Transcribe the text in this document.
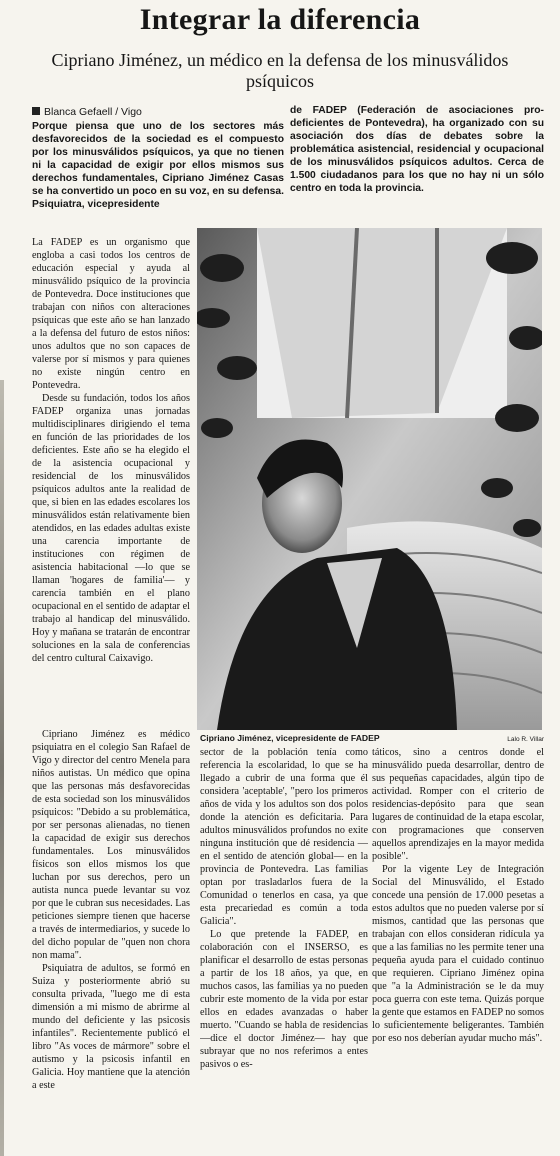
Integrar la diferencia
Cipriano Jiménez, un médico en la defensa de los minusválidos psíquicos
Blanca Gefaell / Vigo
Porque piensa que uno de los sectores más desfavorecidos de la sociedad es el compuesto por los minusválidos psíquicos, ya que no tienen ni la capacidad de exigir por ellos mismos sus derechos fundamentales, Cipriano Jiménez Casas se ha convertido un poco en su voz, en su defensa. Psiquiatra, vicepresidente
de FADEP (Federación de asociaciones pro-deficientes de Pontevedra), ha organizado con su asociación dos días de debates sobre la problemática asistencial, residencial y ocupacional de los minusválidos psíquicos adultos. Cerca de 1.500 ciudadanos para los que no hay ni un sólo centro en toda la provincia.

La FADEP es un organismo que engloba a casi todos los centros de educación especial y ayuda al minusválido psíquico de la provincia de Pontevedra. Doce instituciones que trabajan con niños con alteraciones psíquicas que este año se han lanzado a la defensa del futuro de estos niños: unos adultos que no son capaces de valerse por sí mismos y para quienes no existe ningún centro en Pontevedra.

Desde su fundación, todos los años FADEP organiza unas jornadas multidisciplinares dirigiendo el tema en función de las prioridades de los deficientes. Este año se ha elegido el de la asistencia ocupacional y residencial de los minusválidos psíquicos adultos ante la realidad de que, si bien en las edades escolares los minusválidos están relativamente bien atendidos, en las edades adultas existe una carencia importante de instituciones con régimen de asistencia habitacional —lo que se llaman 'hogares de familia'— y carencia también en el plano ocupacional en el sentido de adaptar el trabajo al handicap del minusválido. Hoy y mañana se tratarán de encontrar soluciones en la sala de conferencias del centro cultural Caixavigo.

Cipriano Jiménez, vicepresidente de FADEP	Lalo R. Villar

Cipriano Jiménez es médico psiquiatra en el colegio San Rafael de Vigo y director del centro Menela para niños autistas. Un médico que opina que las personas más desfavorecidas de esta sociedad son los minusválidos psíquicos: "Debido a su problemática, por ser personas alienadas, no tienen la capacidad de exigir sus derechos fundamentales. Los minusválidos físicos son ellos mismos los que luchan por sus derechos, pero un autista nunca puede levantar su voz por que le cubran sus necesidades. Las peticiones siempre tienen que hacerse a través de intermediarios, y sucede lo del dicho popular de "quen non chora non mama".

Psiquiatra de adultos, se formó en Suiza y posteriormente abrió su consulta privada, "luego me di esta dimensión a mi mismo de abrirme al mundo del deficiente y las psicosis infantiles". Recientemente publicó el libro "As voces de mármore" sobre el autismo y la psicosis infantil en Galicia. Hoy mantiene que la atención a este

sector de la población tenía como referencia la escolaridad, lo que se ha llegado a cubrir de una forma que él considera 'aceptable', "pero los primeros años de vida y los adultos son dos polos donde la atención es deficitaria. Para adultos minusválidos profundos no exite ninguna institución que dé residencia —en el sentido de atención global— en la provincia de Pontevedra. Las familias optan por trasladarlos fuera de la Comunidad o tenerlos en casa, ya que esta precariedad es común a toda Galicia".

Lo que pretende la FADEP, en colaboración con el INSERSO, es planificar el desarrollo de estas personas a partir de los 18 años, ya que, en muchos casos, las familias ya no pueden cubrir este momento de la vida por estar ellos en edades avanzadas o haber muerto. "Cuando se habla de residencias —dice el doctor Jiménez— hay que subrayar que no nos referimos a entes pasivos o es-

táticos, sino a centros donde el minusválido pueda desarrollar, dentro de sus pequeñas capacidades, algún tipo de actividad. Romper con el criterio de residencias-depósito para que sean lugares de continuidad de la etapa escolar, con programaciones que conserven aquellos aprendizajes en la mayor medida posible".

Por la vigente Ley de Integración Social del Minusválido, el Estado concede una pensión de 17.000 pesetas a estos adultos que no pueden valerse por sí mismos, cantidad que las personas que trabajan con ellos consideran ridícula ya que a las familias no les permite tener una pequeña ayuda para el cuidado continuo que requieren. Cipriano Jiménez opina que "a la Administración se le da muy poca guerra con este tema. Quizás porque la gente que estamos en FADEP no somos lo suficientemente beligerantes. También por eso nos deberían ayudar mucho más".
